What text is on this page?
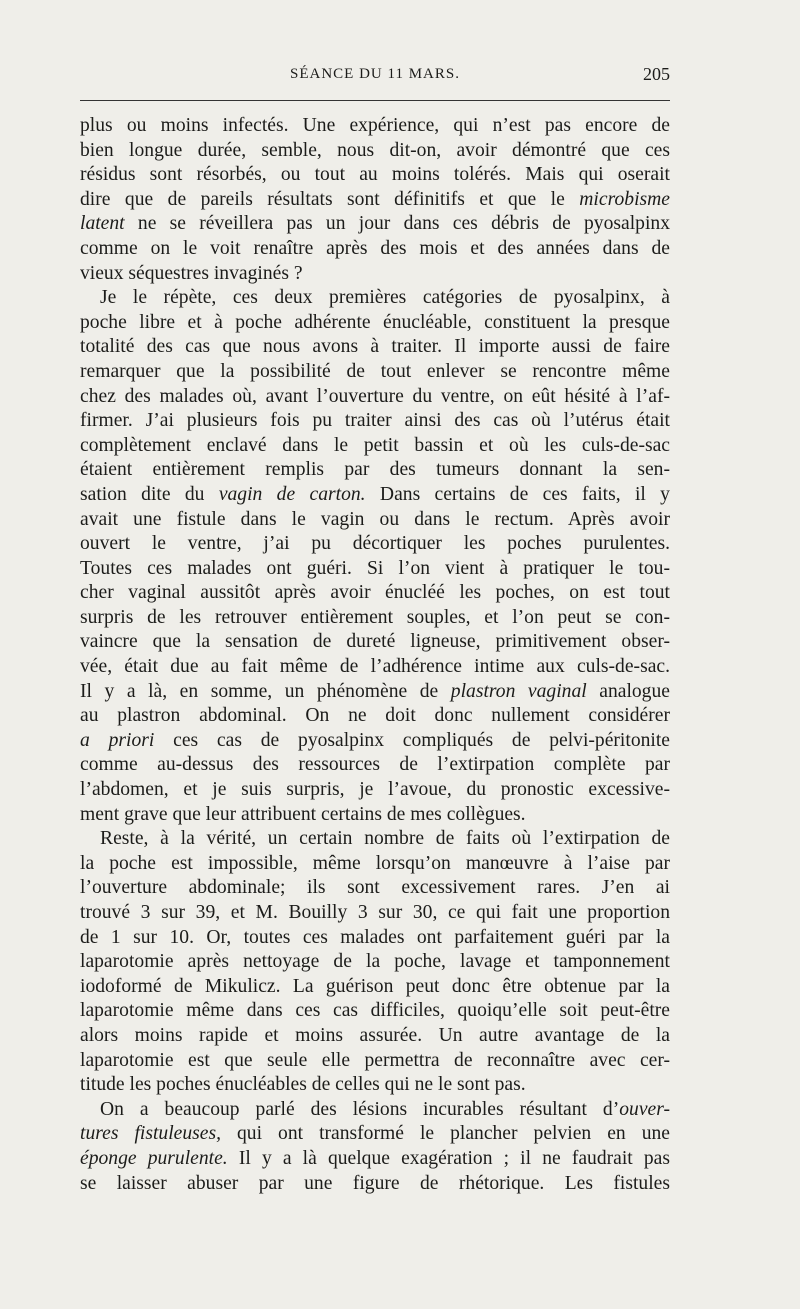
SÉANCE DU 11 MARS.	205
plus ou moins infectés. Une expérience, qui n’est pas encore de
bien longue durée, semble, nous dit-on, avoir démontré que ces
résidus sont résorbés, ou tout au moins tolérés. Mais qui oserait
dire que de pareils résultats sont définitifs et que le microbisme
latent ne se réveillera pas un jour dans ces débris de pyosalpinx
comme on le voit renaître après des mois et des années dans de
vieux séquestres invaginés ?
Je le répète, ces deux premières catégories de pyosalpinx, à
poche libre et à poche adhérente énucléable, constituent la presque
totalité des cas que nous avons à traiter. Il importe aussi de faire
remarquer que la possibilité de tout enlever se rencontre même
chez des malades où, avant l’ouverture du ventre, on eût hésité à l’af-
firmer. J’ai plusieurs fois pu traiter ainsi des cas où l’utérus était
complètement enclavé dans le petit bassin et où les culs-de-sac
étaient entièrement remplis par des tumeurs donnant la sen-
sation dite du vagin de carton. Dans certains de ces faits, il y
avait une fistule dans le vagin ou dans le rectum. Après avoir
ouvert le ventre, j’ai pu décortiquer les poches purulentes.
Toutes ces malades ont guéri. Si l’on vient à pratiquer le tou-
cher vaginal aussitôt après avoir énucléé les poches, on est tout
surpris de les retrouver entièrement souples, et l’on peut se con-
vaincre que la sensation de dureté ligneuse, primitivement obser-
vée, était due au fait même de l’adhérence intime aux culs-de-sac.
Il y a là, en somme, un phénomène de plastron vaginal analogue
au plastron abdominal. On ne doit donc nullement considérer
a priori ces cas de pyosalpinx compliqués de pelvi-péritonite
comme au-dessus des ressources de l’extirpation complète par
l’abdomen, et je suis surpris, je l’avoue, du pronostic excessive-
ment grave que leur attribuent certains de mes collègues.
Reste, à la vérité, un certain nombre de faits où l’extirpation de
la poche est impossible, même lorsqu’on manœuvre à l’aise par
l’ouverture abdominale; ils sont excessivement rares. J’en ai
trouvé 3 sur 39, et M. Bouilly 3 sur 30, ce qui fait une proportion
de 1 sur 10. Or, toutes ces malades ont parfaitement guéri par la
laparotomie après nettoyage de la poche, lavage et tamponnement
iodoformé de Mikulicz. La guérison peut donc être obtenue par la
laparotomie même dans ces cas difficiles, quoiqu’elle soit peut-être
alors moins rapide et moins assurée. Un autre avantage de la
laparotomie est que seule elle permettra de reconnaître avec cer-
titude les poches énucléables de celles qui ne le sont pas.
On a beaucoup parlé des lésions incurables résultant d’ouver-
tures fistuleuses, qui ont transformé le plancher pelvien en une
éponge purulente. Il y a là quelque exagération ; il ne faudrait pas
se laisser abuser par une figure de rhétorique. Les fistules
